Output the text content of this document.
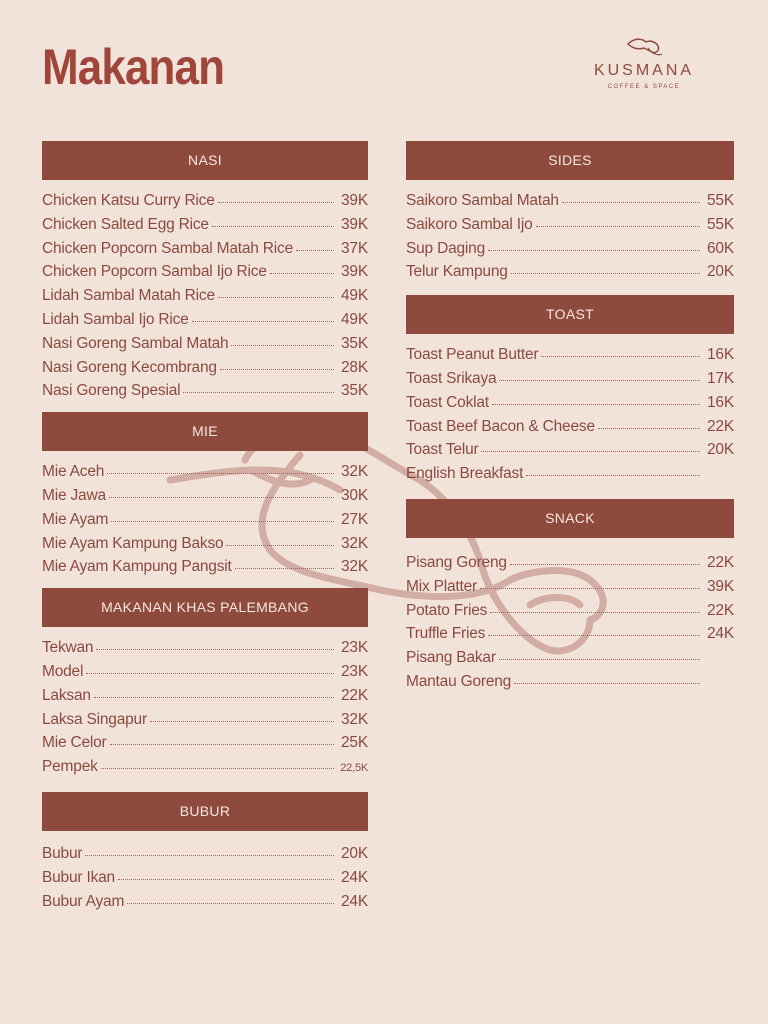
Makanan	KUSMANA
COFFEE & SPACE
NASI
Chicken Katsu Curry Rice	39K
Chicken Salted Egg Rice	39K
Chicken Popcorn Sambal Matah Rice	37K
Chicken Popcorn Sambal Ijo Rice	39K
Lidah Sambal Matah Rice	49K
Lidah Sambal Ijo Rice	49K
Nasi Goreng Sambal Matah	35K
Nasi Goreng Kecombrang	28K
Nasi Goreng Spesial	35K
MIE
Mie Aceh	32K
Mie Jawa	30K
Mie Ayam	27K
Mie Ayam Kampung Bakso	32K
Mie Ayam Kampung Pangsit	32K
MAKANAN KHAS PALEMBANG
Tekwan	23K
Model	23K
Laksan	22K
Laksa Singapur	32K
Mie Celor	25K
Pempek	22,5K
BUBUR
Bubur	20K
Bubur Ikan	24K
Bubur Ayam	24K
SIDES
Saikoro Sambal Matah	55K
Saikoro Sambal Ijo	55K
Sup Daging	60K
Telur Kampung	20K
TOAST
Toast Peanut Butter	16K
Toast Srikaya	17K
Toast Coklat	16K
Toast Beef Bacon & Cheese	22K
Toast Telur	20K
English Breakfast
SNACK
Pisang Goreng	22K
Mix Platter	39K
Potato Fries	22K
Truffle Fries	24K
Pisang Bakar
Mantau Goreng
